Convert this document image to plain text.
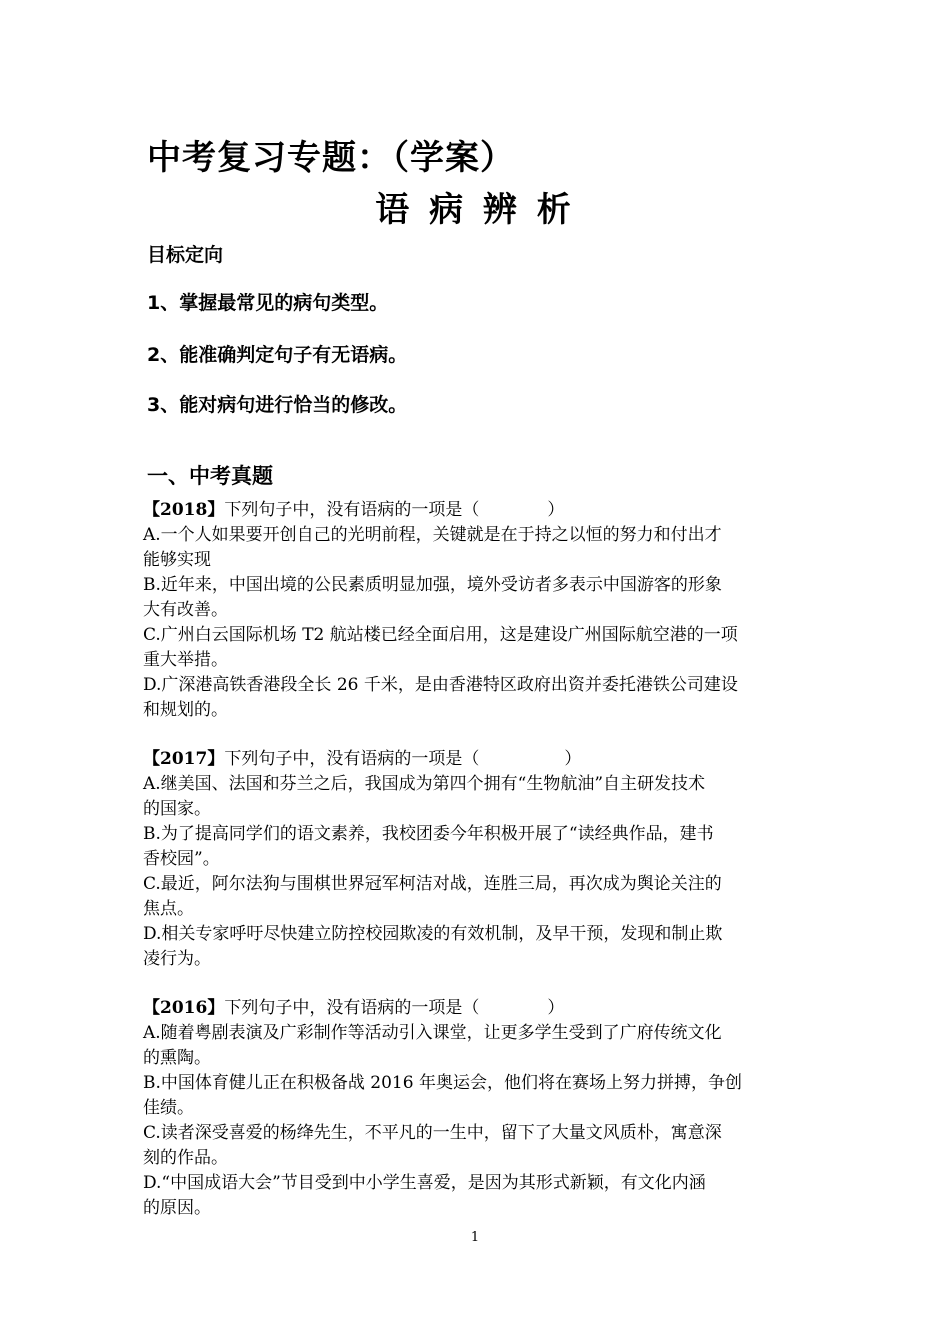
中考复习专题：（学案）
语 病 辨 析
目标定向
1、掌握最常见的病句类型。
2、能准确判定句子有无语病。
3、能对病句进行恰当的修改。
一、中考真题
【2018】下列句子中，没有语病的一项是（　　　　）
A.一个人如果要开创自己的光明前程，关键就是在于持之以恒的努力和付出才
能够实现
B.近年来，中国出境的公民素质明显加强，境外受访者多表示中国游客的形象
大有改善。
C.广州白云国际机场 T2 航站楼已经全面启用，这是建设广州国际航空港的一项
重大举措。
D.广深港高铁香港段全长 26 千米，是由香港特区政府出资并委托港铁公司建设
和规划的。
【2017】下列句子中，没有语病的一项是（　　　　　）
A.继美国、法国和芬兰之后，我国成为第四个拥有“生物航油”自主研发技术
的国家。
B.为了提高同学们的语文素养，我校团委今年积极开展了“读经典作品，建书
香校园”。
C.最近，阿尔法狗与围棋世界冠军柯洁对战，连胜三局，再次成为舆论关注的
焦点。
D.相关专家呼吁尽快建立防控校园欺凌的有效机制，及早干预，发现和制止欺
凌行为。
【2016】下列句子中，没有语病的一项是（　　　　）
A.随着粤剧表演及广彩制作等活动引入课堂，让更多学生受到了广府传统文化
的熏陶。
B.中国体育健儿正在积极备战 2016 年奥运会，他们将在赛场上努力拼搏，争创
佳绩。
C.读者深受喜爱的杨绛先生，不平凡的一生中，留下了大量文风质朴，寓意深
刻的作品。
D.“中国成语大会”节目受到中小学生喜爱，是因为其形式新颖，有文化内涵
的原因。
1
